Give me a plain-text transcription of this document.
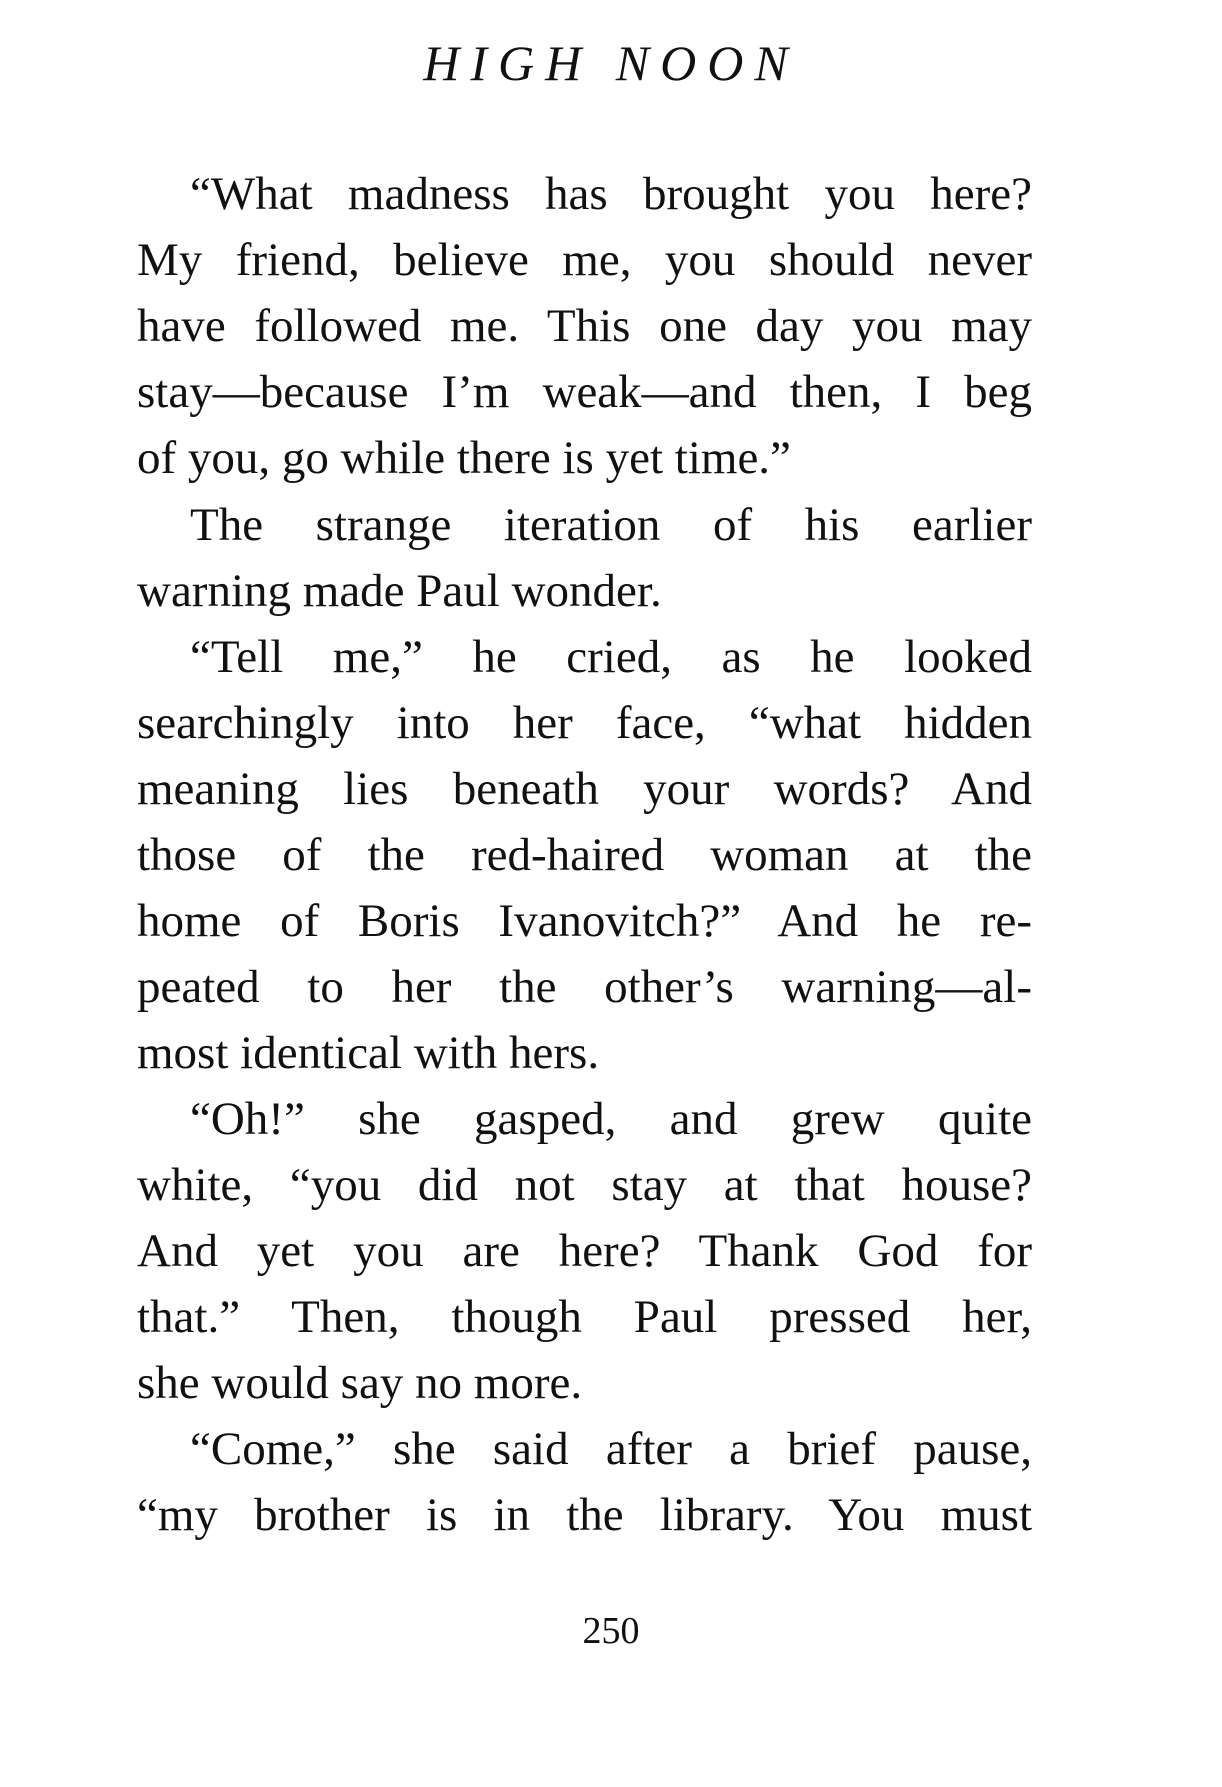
HIGH NOON
“What madness has brought you here?
My friend, believe me, you should never
have followed me. This one day you may
stay—because I’m weak—and then, I beg
of you, go while there is yet time.”
The strange iteration of his earlier
warning made Paul wonder.
“Tell me,” he cried, as he looked
searchingly into her face, “what hidden
meaning lies beneath your words? And
those of the red-haired woman at the
home of Boris Ivanovitch?” And he re-
peated to her the other’s warning—al-
most identical with hers.
“Oh!” she gasped, and grew quite
white, “you did not stay at that house?
And yet you are here? Thank God for
that.” Then, though Paul pressed her,
she would say no more.
“Come,” she said after a brief pause,
“my brother is in the library. You must
250
